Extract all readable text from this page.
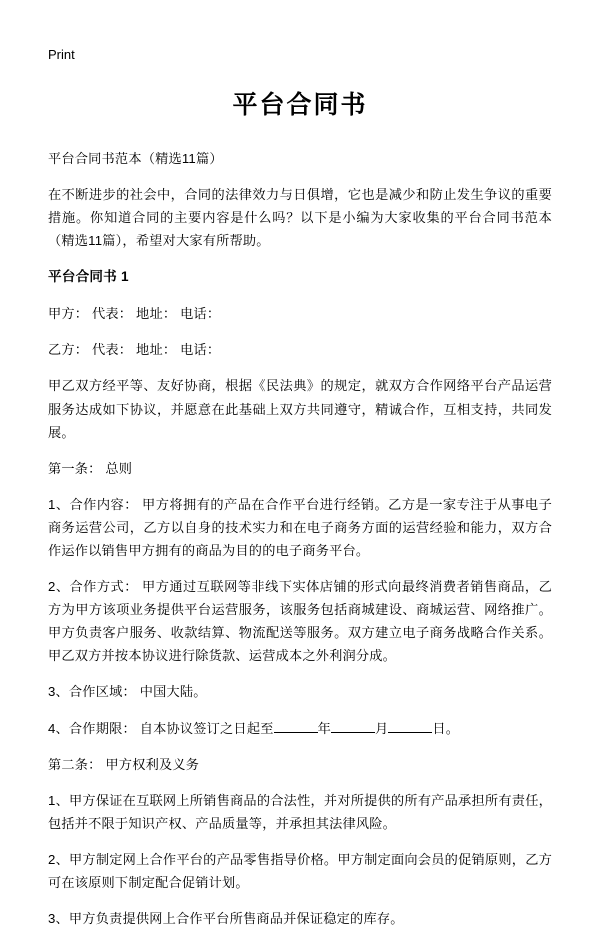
Print
平台合同书

平台合同书范本（精选11篇）

在不断进步的社会中，合同的法律效力与日俱增，它也是减少和防止发生争议的重要措施。你知道合同的主要内容是什么吗？以下是小编为大家收集的平台合同书范本（精选11篇），希望对大家有所帮助。

平台合同书 1

甲方： 代表： 地址： 电话：

乙方： 代表： 地址： 电话：

甲乙双方经平等、友好协商，根据《民法典》的规定，就双方合作网络平台产品运营服务达成如下协议，并愿意在此基础上双方共同遵守，精诚合作，互相支持，共同发展。

第一条： 总则

1、合作内容： 甲方将拥有的产品在合作平台进行经销。乙方是一家专注于从事电子商务运营公司，乙方以自身的技术实力和在电子商务方面的运营经验和能力，双方合作运作以销售甲方拥有的商品为目的的电子商务平台。

2、合作方式： 甲方通过互联网等非线下实体店铺的形式向最终消费者销售商品，乙方为甲方该项业务提供平台运营服务，该服务包括商城建设、商城运营、网络推广。甲方负责客户服务、收款结算、物流配送等服务。双方建立电子商务战略合作关系。甲乙双方并按本协议进行除货款、运营成本之外利润分成。

3、合作区域： 中国大陆。

4、合作期限： 自本协议签订之日起至	年	月	日。

第二条： 甲方权利及义务

1、甲方保证在互联网上所销售商品的合法性，并对所提供的所有产品承担所有责任，包括并不限于知识产权、产品质量等，并承担其法律风险。

2、甲方制定网上合作平台的产品零售指导价格。甲方制定面向会员的促销原则，乙方可在该原则下制定配合促销计划。

3、甲方负责提供网上合作平台所售商品并保证稳定的库存。
